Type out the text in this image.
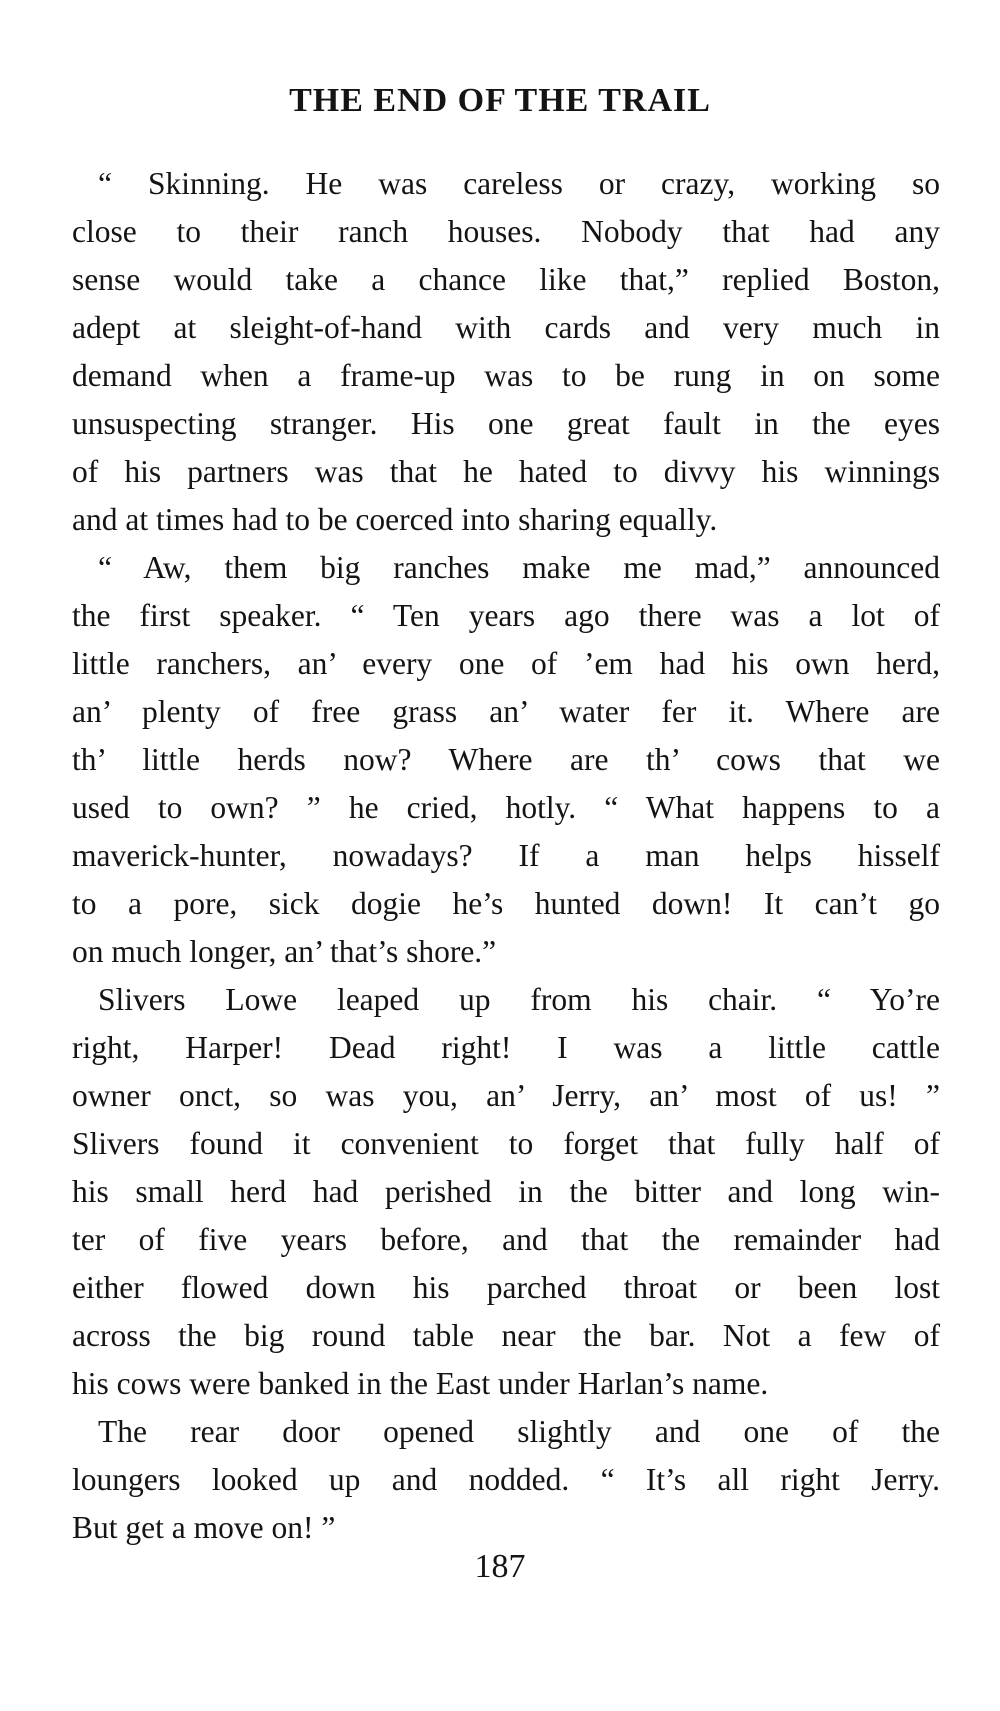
THE END OF THE TRAIL
“ Skinning. He was careless or crazy, working so
close to their ranch houses. Nobody that had any
sense would take a chance like that,” replied Boston,
adept at sleight-of-hand with cards and very much in
demand when a frame-up was to be rung in on some
unsuspecting stranger. His one great fault in the eyes
of his partners was that he hated to divvy his winnings
and at times had to be coerced into sharing equally.
“ Aw, them big ranches make me mad,” announced
the first speaker. “ Ten years ago there was a lot of
little ranchers, an’ every one of ’em had his own herd,
an’ plenty of free grass an’ water fer it. Where are
th’ little herds now? Where are th’ cows that we
used to own? ” he cried, hotly. “ What happens to a
maverick-hunter, nowadays? If a man helps hisself
to a pore, sick dogie he’s hunted down! It can’t go
on much longer, an’ that’s shore.”
Slivers Lowe leaped up from his chair. “ Yo’re
right, Harper! Dead right! I was a little cattle
owner onct, so was you, an’ Jerry, an’ most of us! ”
Slivers found it convenient to forget that fully half of
his small herd had perished in the bitter and long win-
ter of five years before, and that the remainder had
either flowed down his parched throat or been lost
across the big round table near the bar. Not a few of
his cows were banked in the East under Harlan’s name.
The rear door opened slightly and one of the
loungers looked up and nodded. “ It’s all right Jerry.
But get a move on! ”
187
